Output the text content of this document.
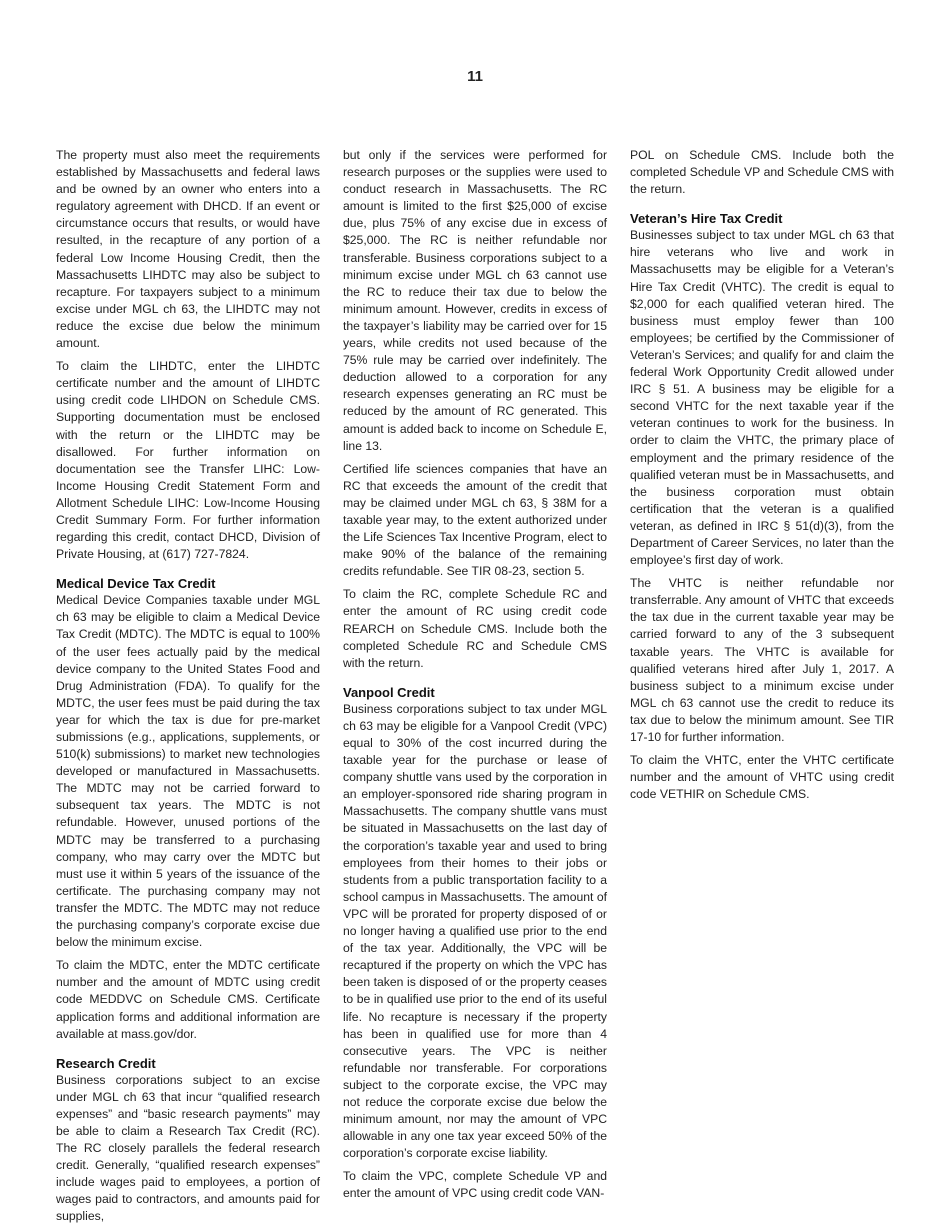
11

The property must also meet the requirements established by Massachusetts and federal laws and be owned by an owner who enters into a regulatory agreement with DHCD. If an event or circumstance occurs that results, or would have resulted, in the recapture of any portion of a federal Low Income Housing Credit, then the Massachusetts LIHDTC may also be subject to recapture. For taxpayers subject to a minimum excise under MGL ch 63, the LIHDTC may not reduce the excise due below the minimum amount.

To claim the LIHDTC, enter the LIHDTC certificate number and the amount of LIHDTC using credit code LIHDON on Schedule CMS. Supporting documentation must be enclosed with the return or the LIHDTC may be disallowed. For further information on documentation see the Transfer LIHC: Low-Income Housing Credit Statement Form and Allotment Schedule LIHC: Low-Income Housing Credit Summary Form. For further information regarding this credit, contact DHCD, Division of Private Housing, at (617) 727-7824.

Medical Device Tax Credit

Medical Device Companies taxable under MGL ch 63 may be eligible to claim a Medical Device Tax Credit (MDTC). The MDTC is equal to 100% of the user fees actually paid by the medical device company to the United States Food and Drug Administration (FDA). To qualify for the MDTC, the user fees must be paid during the tax year for which the tax is due for pre-market submissions (e.g., applications, supplements, or 510(k) submissions) to market new technologies developed or manufactured in Massachusetts. The MDTC may not be carried forward to subsequent tax years. The MDTC is not refundable. However, unused portions of the MDTC may be transferred to a purchasing company, who may carry over the MDTC but must use it within 5 years of the issuance of the certificate. The purchasing company may not transfer the MDTC. The MDTC may not reduce the purchasing company’s corporate excise due below the minimum excise.

To claim the MDTC, enter the MDTC certificate number and the amount of MDTC using credit code MEDDVC on Schedule CMS. Certificate application forms and additional information are available at mass.gov/dor.

Research Credit

Business corporations subject to an excise under MGL ch 63 that incur “qualified research expenses” and “basic research payments” may be able to claim a Research Tax Credit (RC). The RC closely parallels the federal research credit. Generally, “qualified research expenses” include wages paid to employees, a portion of wages paid to contractors, and amounts paid for supplies,

but only if the services were performed for research purposes or the supplies were used to conduct research in Massachusetts. The RC amount is limited to the first $25,000 of excise due, plus 75% of any excise due in excess of $25,000. The RC is neither refundable nor transferable. Business corporations subject to a minimum excise under MGL ch 63 cannot use the RC to reduce their tax due to below the minimum amount. However, credits in excess of the taxpayer’s liability may be carried over for 15 years, while credits not used because of the 75% rule may be carried over indefinitely. The deduction allowed to a corporation for any research expenses generating an RC must be reduced by the amount of RC generated. This amount is added back to income on Schedule E, line 13.

Certified life sciences companies that have an RC that exceeds the amount of the credit that may be claimed under MGL ch 63, § 38M for a taxable year may, to the extent authorized under the Life Sciences Tax Incentive Program, elect to make 90% of the balance of the remaining credits refundable. See TIR 08-23, section 5.

To claim the RC, complete Schedule RC and enter the amount of RC using credit code REARCH on Schedule CMS. Include both the completed Schedule RC and Schedule CMS with the return.

Vanpool Credit

Business corporations subject to tax under MGL ch 63 may be eligible for a Vanpool Credit (VPC) equal to 30% of the cost incurred during the taxable year for the purchase or lease of company shuttle vans used by the corporation in an employer-sponsored ride sharing program in Massachusetts. The company shuttle vans must be situated in Massachusetts on the last day of the corporation’s taxable year and used to bring employees from their homes to their jobs or students from a public transportation facility to a school campus in Massachusetts. The amount of VPC will be prorated for property disposed of or no longer having a qualified use prior to the end of the tax year. Additionally, the VPC will be recaptured if the property on which the VPC has been taken is disposed of or the property ceases to be in qualified use prior to the end of its useful life. No recapture is necessary if the property has been in qualified use for more than 4 consecutive years. The VPC is neither refundable nor transferable. For corporations subject to the corporate excise, the VPC may not reduce the corporate excise due below the minimum amount, nor may the amount of VPC allowable in any one tax year exceed 50% of the corporation’s corporate excise liability.

To claim the VPC, complete Schedule VP and enter the amount of VPC using credit code VAN-

POL on Schedule CMS. Include both the completed Schedule VP and Schedule CMS with the return.

Veteran’s Hire Tax Credit

Businesses subject to tax under MGL ch 63 that hire veterans who live and work in Massachusetts may be eligible for a Veteran’s Hire Tax Credit (VHTC). The credit is equal to $2,000 for each qualified veteran hired. The business must employ fewer than 100 employees; be certified by the Commissioner of Veteran’s Services; and qualify for and claim the federal Work Opportunity Credit allowed under IRC § 51. A business may be eligible for a second VHTC for the next taxable year if the veteran continues to work for the business. In order to claim the VHTC, the primary place of employment and the primary residence of the qualified veteran must be in Massachusetts, and the business corporation must obtain certification that the veteran is a qualified veteran, as defined in IRC § 51(d)(3), from the Department of Career Services, no later than the employee’s first day of work.

The VHTC is neither refundable nor transferrable. Any amount of VHTC that exceeds the tax due in the current taxable year may be carried forward to any of the 3 subsequent taxable years. The VHTC is available for qualified veterans hired after July 1, 2017. A business subject to a minimum excise under MGL ch 63 cannot use the credit to reduce its tax due to below the minimum amount. See TIR 17-10 for further information.

To claim the VHTC, enter the VHTC certificate number and the amount of VHTC using credit code VETHIR on Schedule CMS.
